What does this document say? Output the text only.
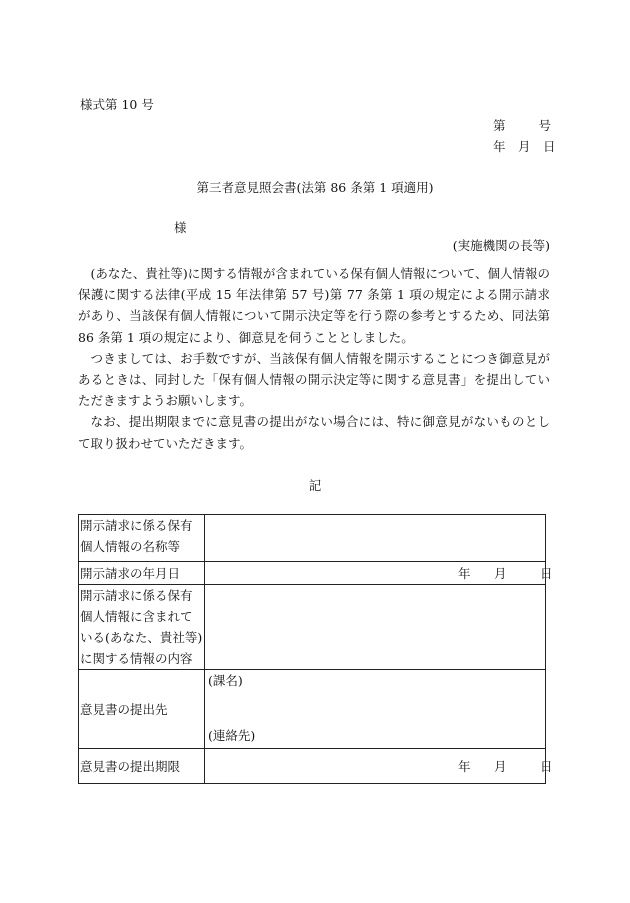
様式第 10 号
第　　号
年　月　日
第三者意見照会書(法第 86 条第 1 項適用)
様
(実施機関の長等)

(あなた、貴社等)に関する情報が含まれている保有個人情報について、個人情報の保護に関する法律(平成 15 年法律第 57 号)第 77 条第 1 項の規定による開示請求があり、当該保有個人情報について開示決定等を行う際の参考とするため、同法第 86 条第 1 項の規定により、御意見を伺うこととしました。

つきましては、お手数ですが、当該保有個人情報を開示することにつき御意見があるときは、同封した「保有個人情報の開示決定等に関する意見書」を提出していただきますようお願いします。

なお、提出期限までに意見書の提出がない場合には、特に御意見がないものとして取り扱わせていただきます。

記
開示請求に係る保有個人情報の名称等	
開示請求の年月日	年 月 日

開示請求に係る保有個人情報に含まれている(あなた、貴社等)に関する情報の内容	
意見書の提出先	(課名)
(連絡先)

意見書の提出期限	年 月 日
